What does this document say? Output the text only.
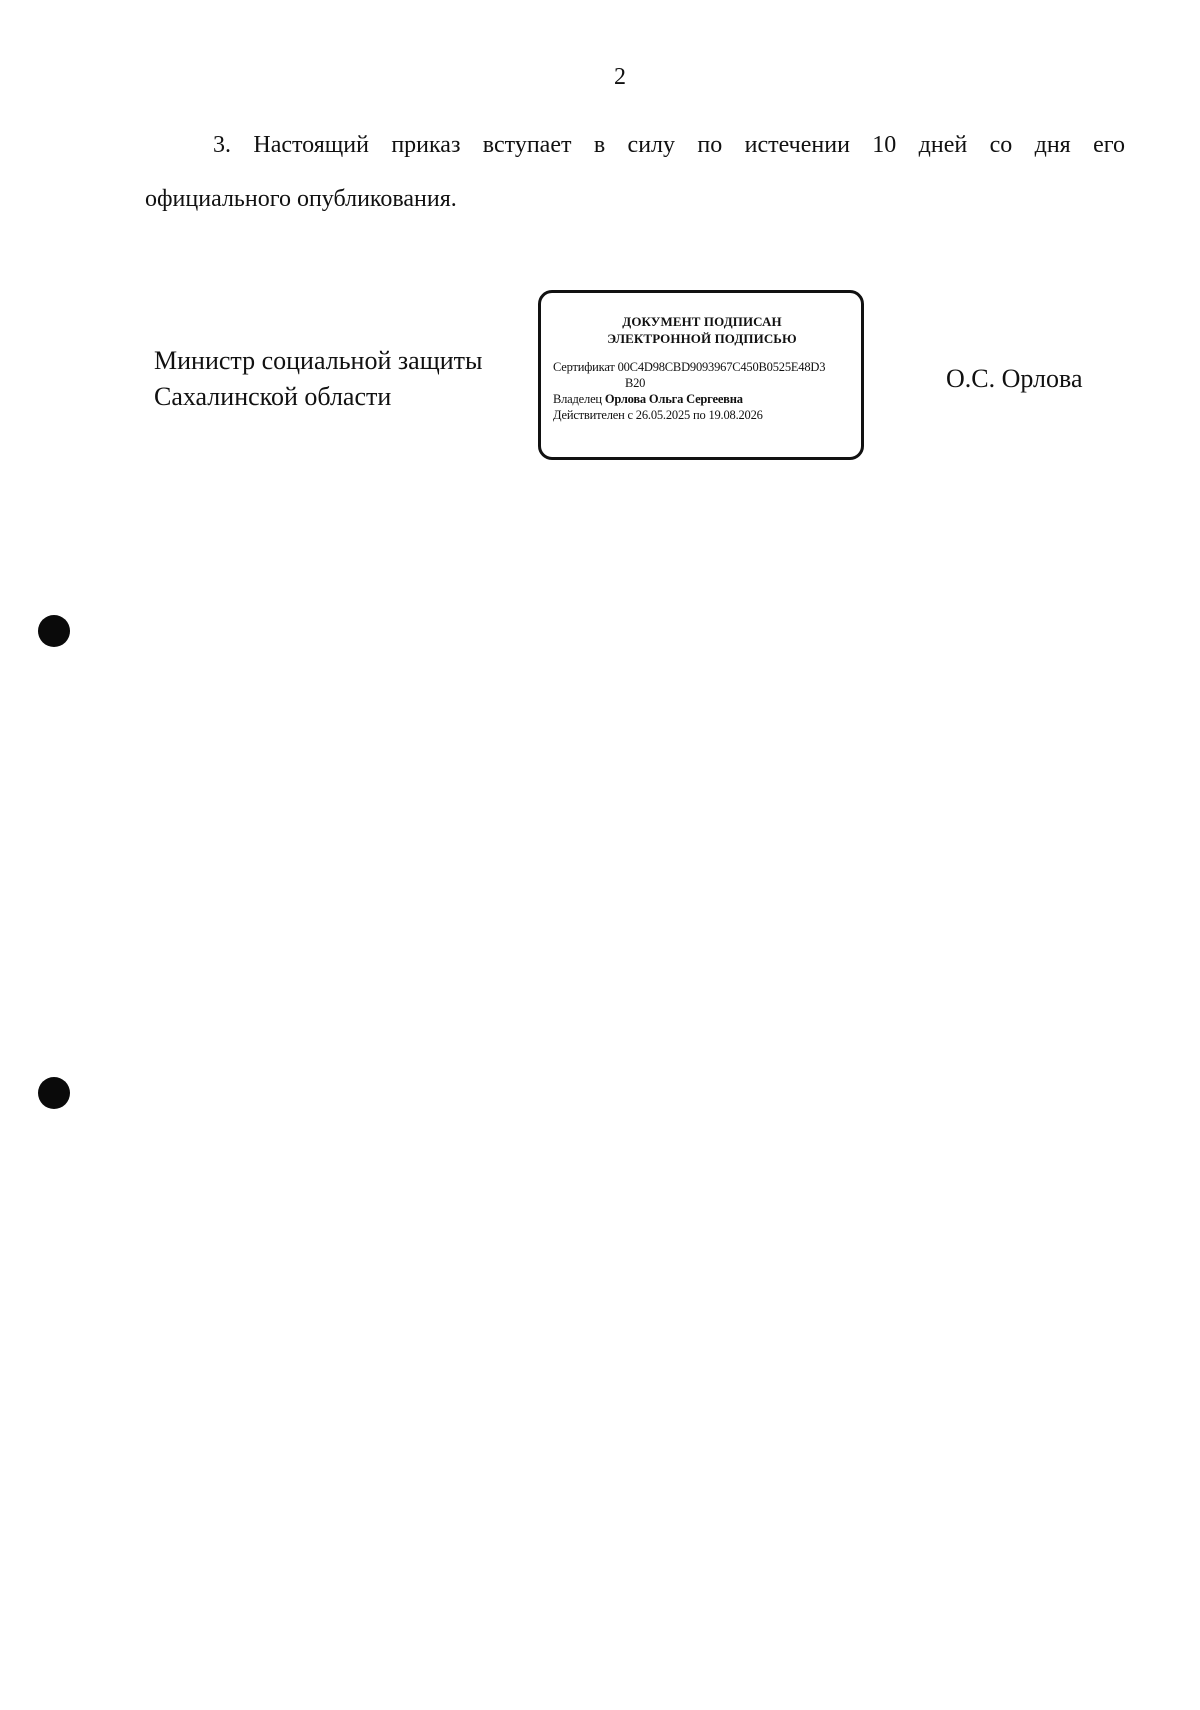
2

3. Настоящий приказ вступает в силу по истечении 10 дней со дня его
официального опубликования.

Министр социальной защиты
Сахалинской области
ДОКУМЕНТ ПОДПИСАН
ЭЛЕКТРОННОЙ ПОДПИСЬЮ
Сертификат 00C4D98CBD9093967C450B0525E48D3
B20
Владелец Орлова Ольга Сергеевна
Действителен с 26.05.2025 по 19.08.2026
О.С. Орлова
